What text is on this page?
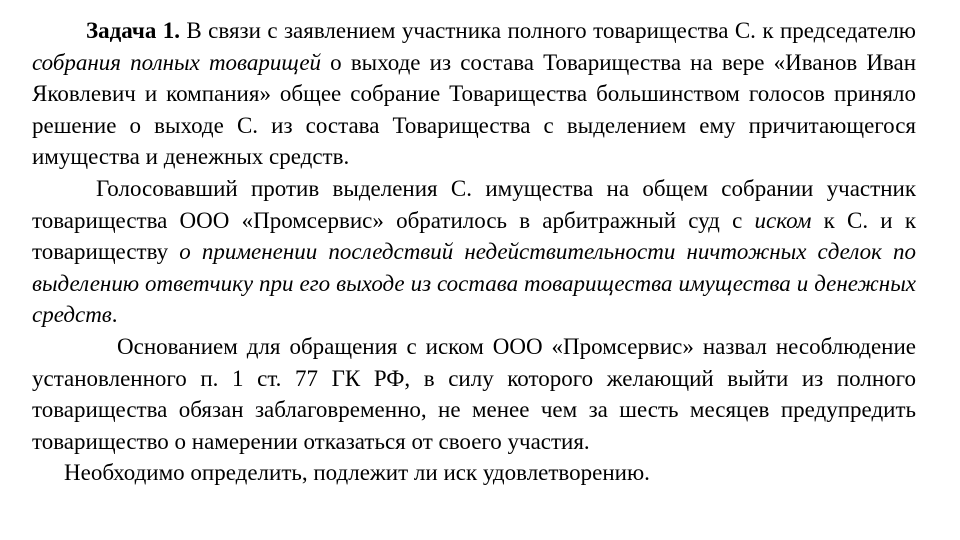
Задача 1. В связи с заявлением участника полного товарищества С. к председателю собрания полных товарищей о выходе из состава Товарищества на вере «Иванов Иван Яковлевич и компания» общее собрание Товарищества большинством голосов приняло решение о выходе С. из состава Товарищества с выделением ему причитающегося имущества и денежных средств.

Голосовавший против выделения С. имущества на общем собрании участник товарищества ООО «Промсервис» обратилось в арбитражный суд с иском к С. и к товариществу о применении последствий недействительности ничтожных сделок по выделению ответчику при его выходе из состава товарищества имущества и денежных средств.

Основанием для обращения с иском ООО «Промсервис» назвал несоблюдение установленного п. 1 ст. 77 ГК РФ, в силу которого желающий выйти из полного товарищества обязан заблаговременно, не менее чем за шесть месяцев предупредить товарищество о намерении отказаться от своего участия.

Необходимо определить, подлежит ли иск удовлетворению.
